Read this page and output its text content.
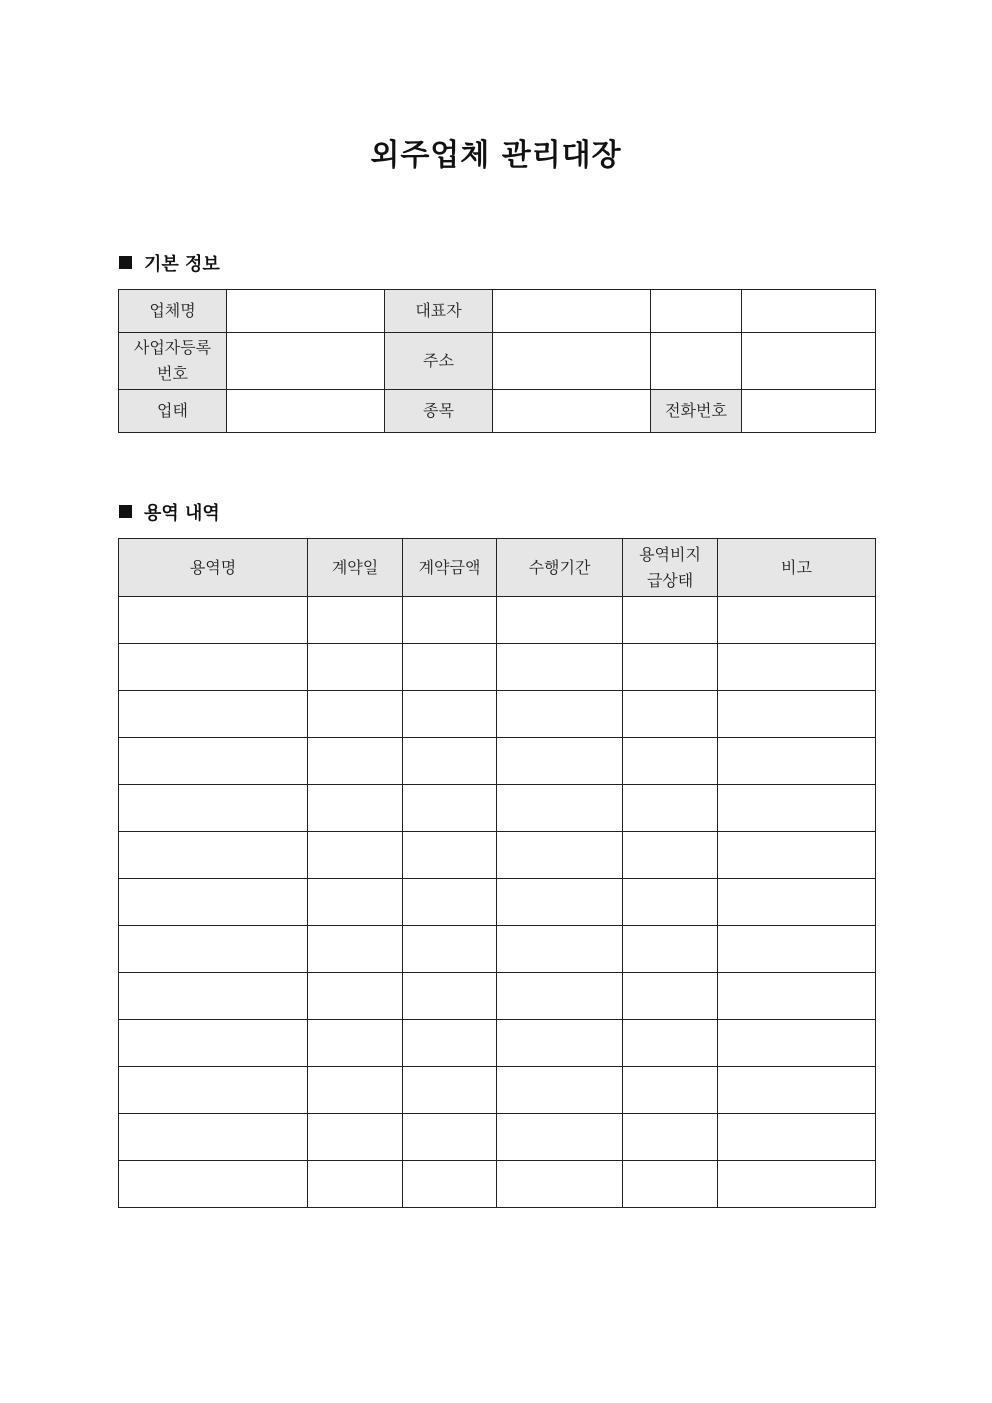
외주업체 관리대장
기본 정보
업체명		대표자			

사업자등록
번호		주소			
업태		종목		전화번호	
용역 내역
용역명	계약일	계약금액	수행기간	용역비지
급상태	비고
